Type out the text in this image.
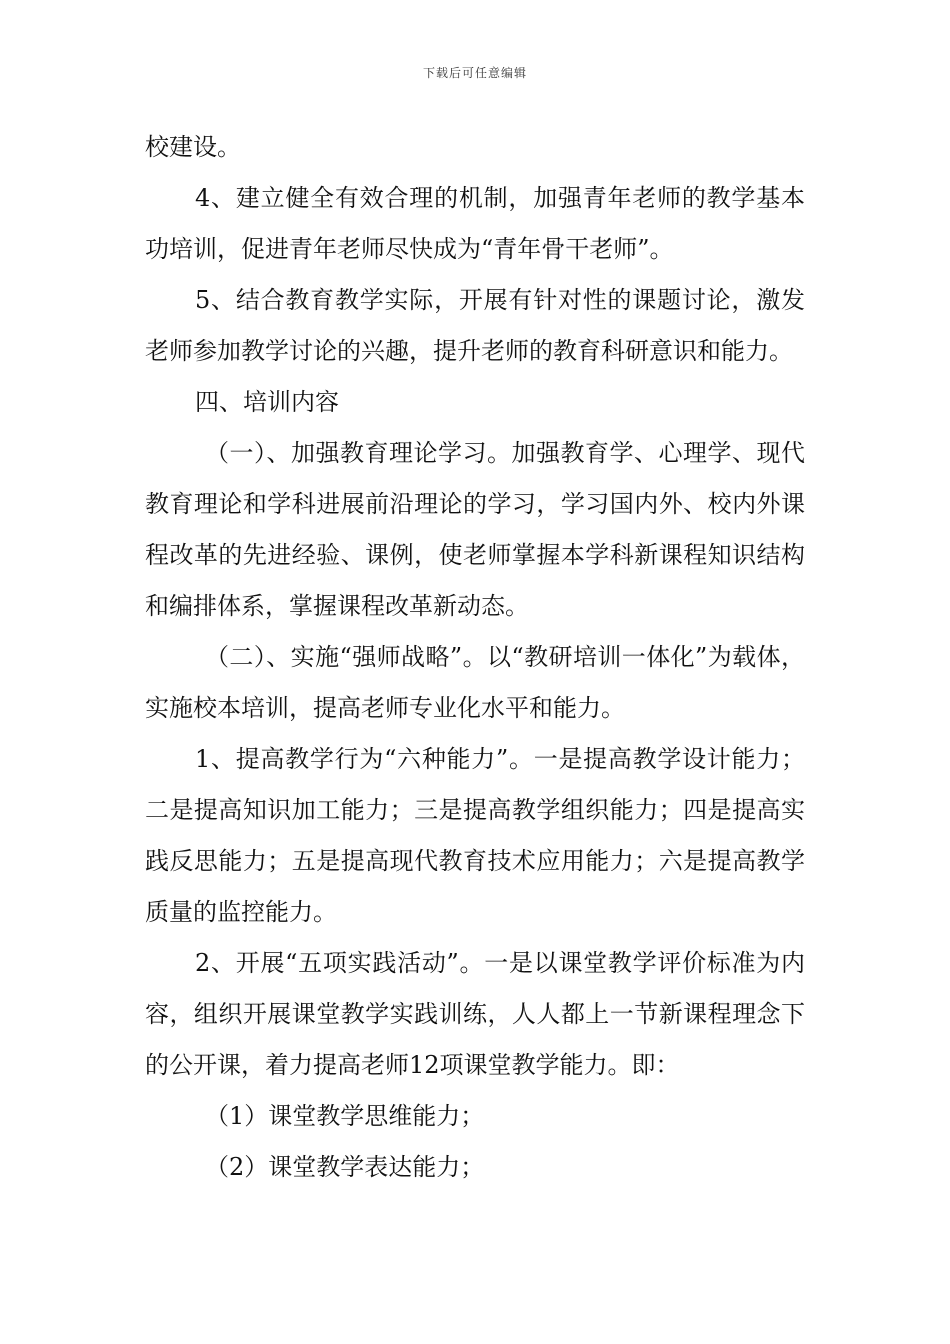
下载后可任意编辑

校建设。

4、建立健全有效合理的机制，加强青年老师的教学基本功培训，促进青年老师尽快成为“青年骨干老师”。

5、结合教育教学实际，开展有针对性的课题讨论，激发老师参加教学讨论的兴趣，提升老师的教育科研意识和能力。

四、培训内容

（一）、加强教育理论学习。加强教育学、心理学、现代教育理论和学科进展前沿理论的学习，学习国内外、校内外课程改革的先进经验、课例，使老师掌握本学科新课程知识结构和编排体系，掌握课程改革新动态。

（二）、实施“强师战略”。以“教研培训一体化”为载体，实施校本培训，提高老师专业化水平和能力。

1、提高教学行为“六种能力”。一是提高教学设计能力；二是提高知识加工能力；三是提高教学组织能力；四是提高实践反思能力；五是提高现代教育技术应用能力；六是提高教学质量的监控能力。

2、开展“五项实践活动”。一是以课堂教学评价标准为内容，组织开展课堂教学实践训练，人人都上一节新课程理念下的公开课，着力提高老师12项课堂教学能力。即：

（1）课堂教学思维能力；

（2）课堂教学表达能力；
